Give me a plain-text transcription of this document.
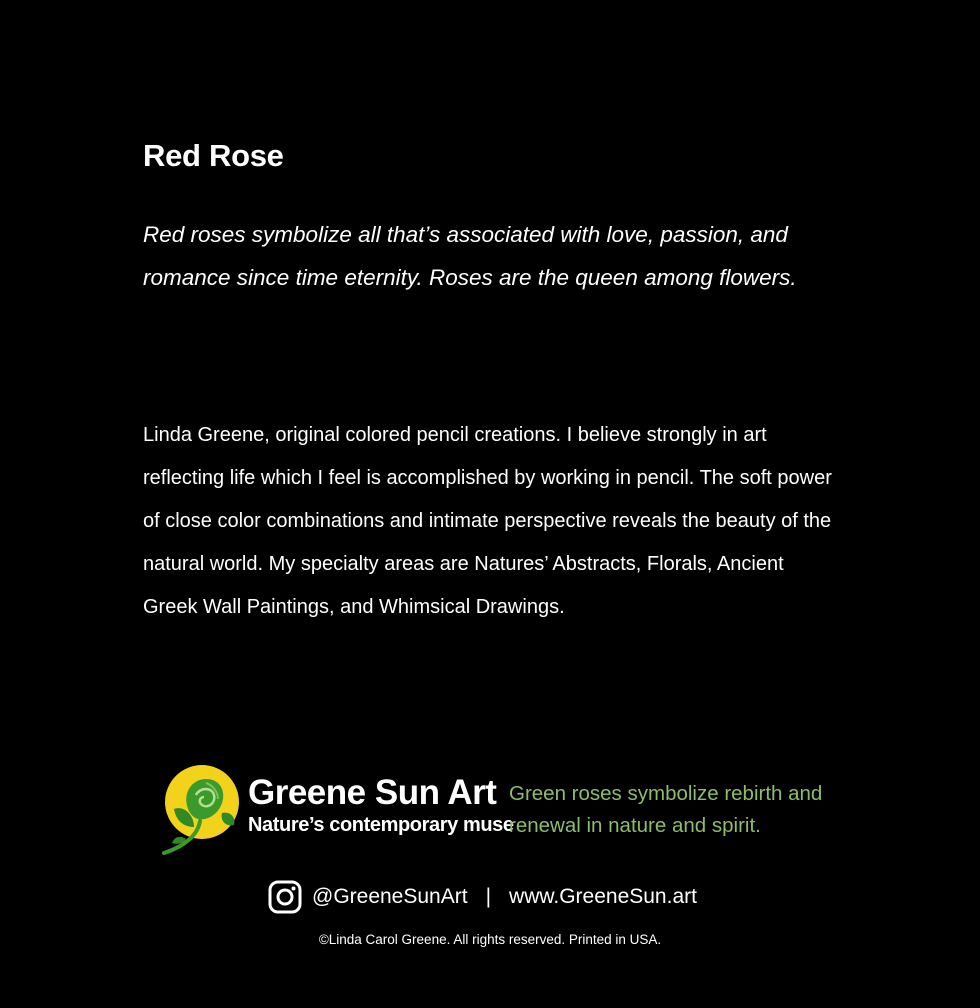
Red Rose

Red roses symbolize all that’s associated with love, passion, and romance since time eternity. Roses are the queen among flowers.

Linda Greene, original colored pencil creations. I believe strongly in art reflecting life which I feel is accomplished by working in pencil. The soft power of close color combinations and intimate perspective reveals the beauty of the natural world. My specialty areas are Natures’ Abstracts, Florals, Ancient Greek Wall Paintings, and Whimsical Drawings.

Greene Sun Art
Nature’s contemporary muse
Green roses symbolize rebirth and renewal in nature and spirit.
@GreeneSunArt | www.GreeneSun.art
©Linda Carol Greene. All rights reserved. Printed in USA.
